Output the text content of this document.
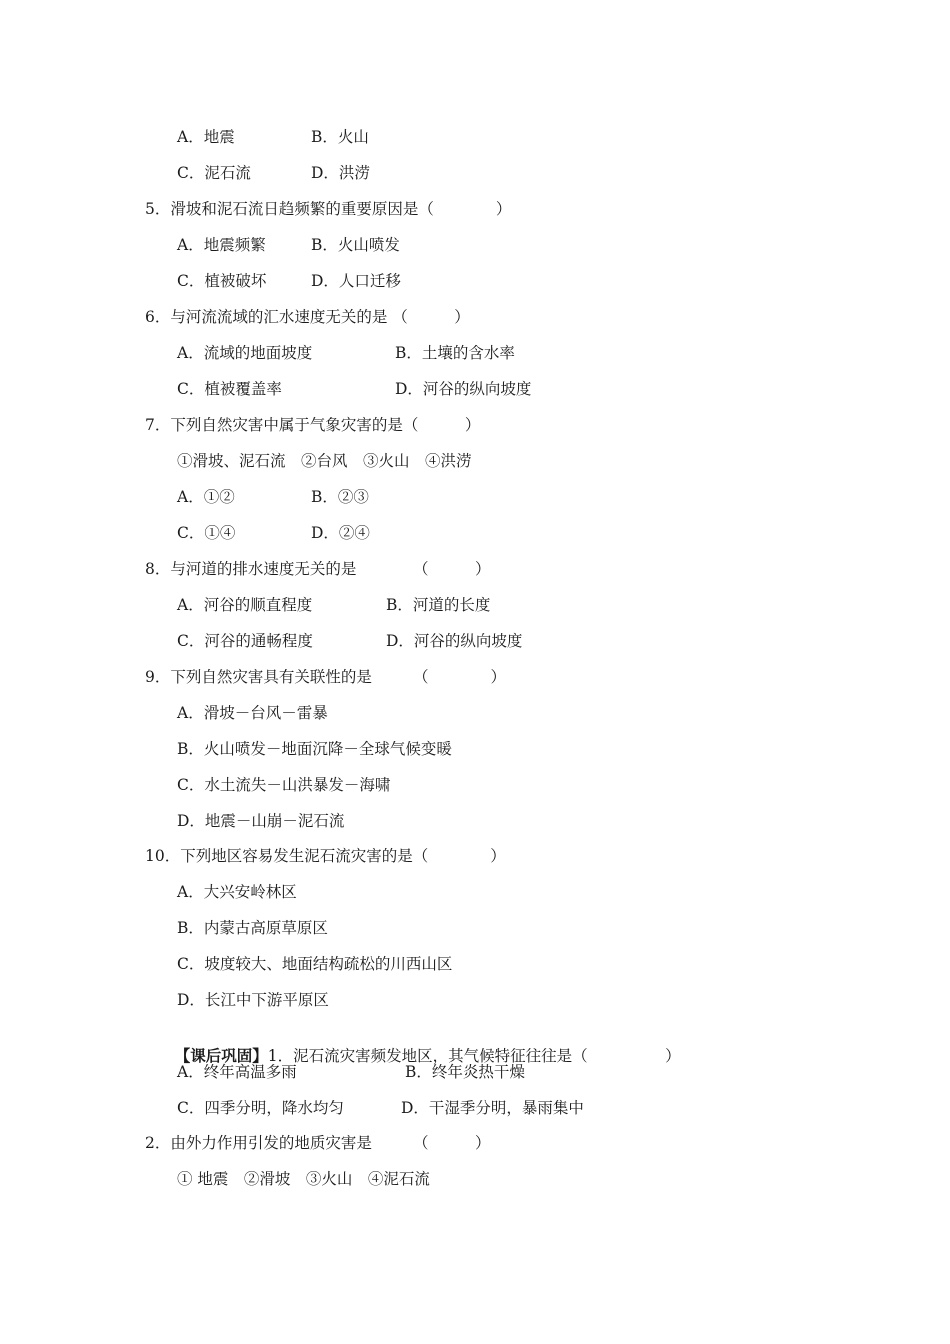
A．地震	B．火山
C．泥石流	D．洪涝
5．滑坡和泥石流日趋频繁的重要原因是（　　　　）
A．地震频繁	B．火山喷发
C．植被破坏	D．人口迁移
6．与河流流域的汇水速度无关的是 （　　　）
A．流域的地面坡度	B．土壤的含水率
C．植被覆盖率	D．河谷的纵向坡度
7．下列自然灾害中属于气象灾害的是（　　　）
①滑坡、泥石流　②台风　③火山　④洪涝
A．①②	B．②③
C．①④	D．②④
8．与河道的排水速度无关的是	（　　　）
A．河谷的顺直程度	B．河道的长度
C．河谷的通畅程度	D．河谷的纵向坡度
9．下列自然灾害具有关联性的是	（　　　　）
A．滑坡－台风－雷暴
B．火山喷发－地面沉降－全球气候变暖
C．水土流失－山洪暴发－海啸
D．地震－山崩－泥石流
10．下列地区容易发生泥石流灾害的是（　　　　）
A．大兴安岭林区
B．内蒙古高原草原区
C．坡度较大、地面结构疏松的川西山区
D．长江中下游平原区

【课后巩固】1．泥石流灾害频发地区，其气候特征往往是（　　　　　）

A．终年高温多雨	B．终年炎热干燥
C．四季分明，降水均匀	D．干湿季分明，暴雨集中
2．由外力作用引发的地质灾害是	（　　　）
① 地震　②滑坡　③火山　④泥石流
